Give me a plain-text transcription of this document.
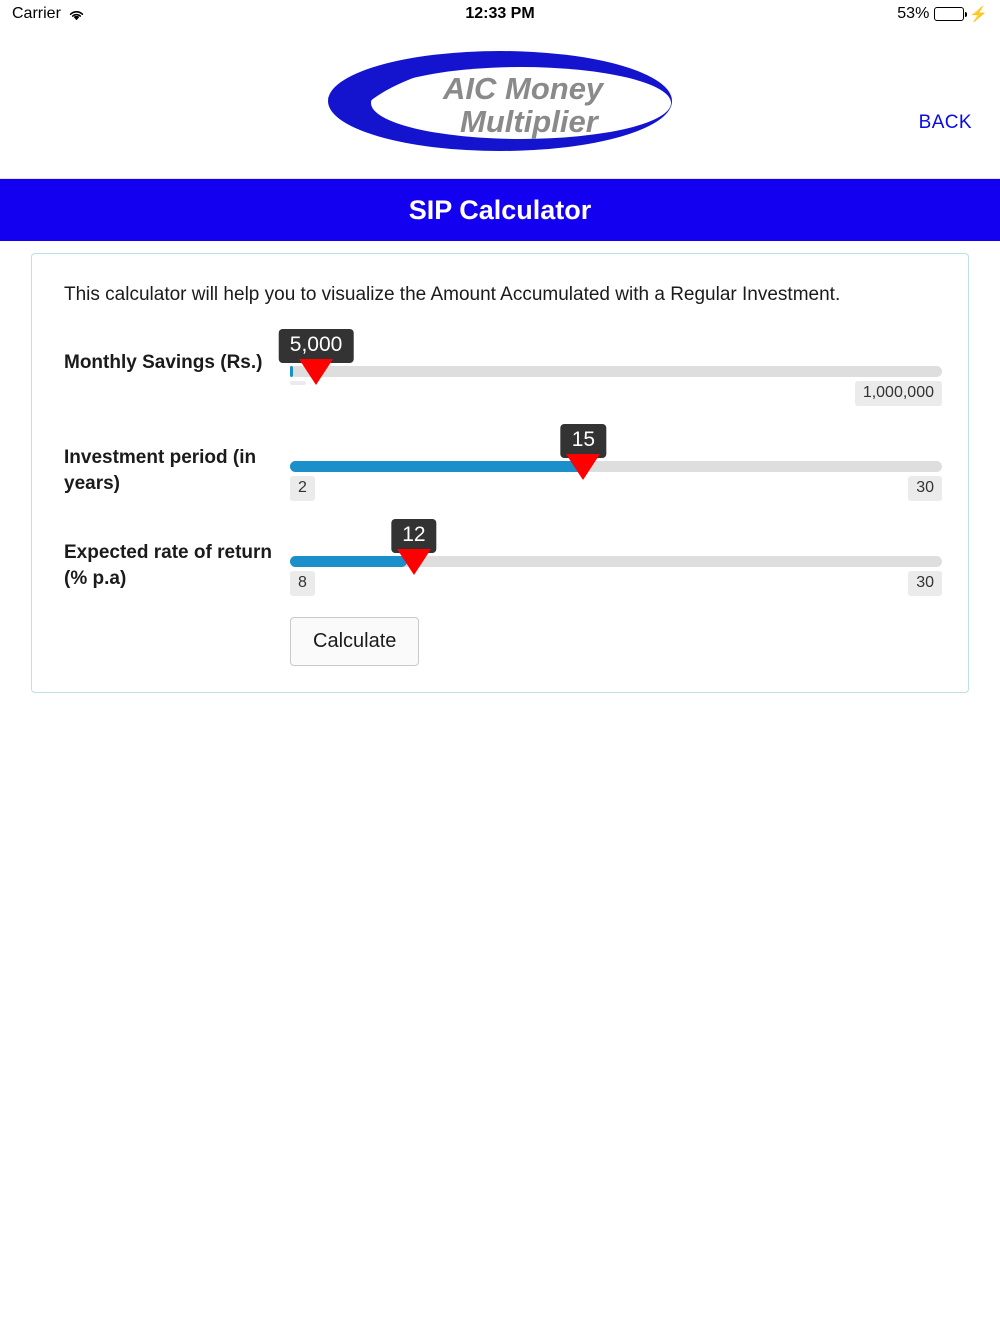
Carrier	12:33 PM	53%	⚡
AIC Money
Multiplier	BACK
SIP Calculator
This calculator will help you to visualize the Amount Accumulated with a Regular Investment.
Monthly Savings (Rs.)
5,000
1,000,000
Investment period (in years)
15
2	30
Expected rate of return (% p.a)
12
8	30
Calculate
